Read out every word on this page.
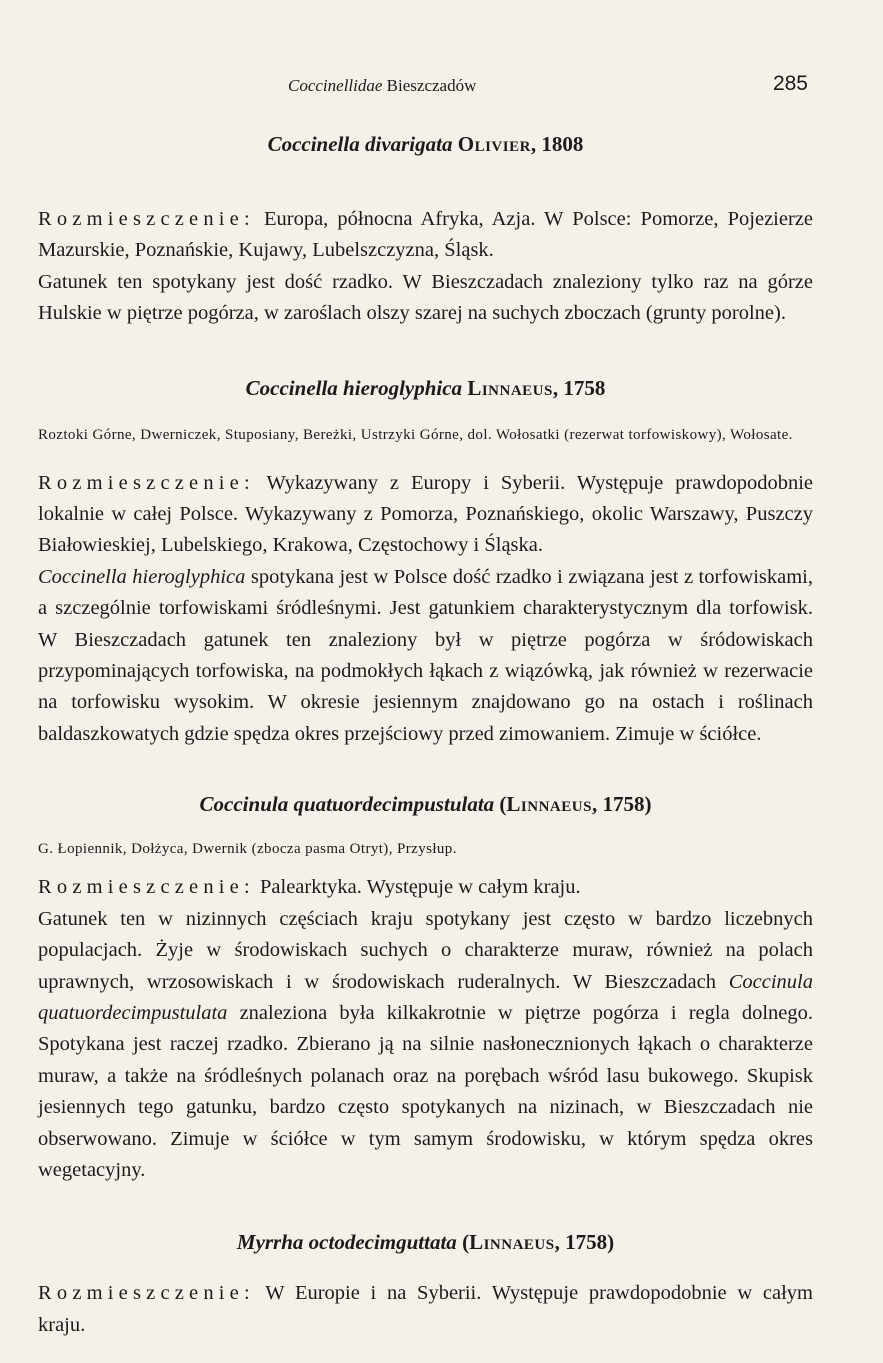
Coccinellidae Bieszczadów	285
Coccinella divarigata Olivier, 1808

Rozmieszczenie: Europa, północna Afryka, Azja. W Polsce: Pomorze, Pojezierze Mazurskie, Poznańskie, Kujawy, Lubelszczyzna, Śląsk.

Gatunek ten spotykany jest dość rzadko. W Bieszczadach znaleziony tylko raz na górze Hulskie w piętrze pogórza, w zaroślach olszy szarej na suchych zboczach (grunty porolne).

Coccinella hieroglyphica Linnaeus, 1758

Roztoki Górne, Dwerniczek, Stuposiany, Bereżki, Ustrzyki Górne, dol. Wołosatki (rezerwat torfowiskowy), Wołosate.

Rozmieszczenie: Wykazywany z Europy i Syberii. Występuje prawdopodobnie lokalnie w całej Polsce. Wykazywany z Pomorza, Poznańskiego, okolic Warszawy, Puszczy Białowieskiej, Lubelskiego, Krakowa, Częstochowy i Śląska.

Coccinella hieroglyphica spotykana jest w Polsce dość rzadko i związana jest z torfowiskami, a szczególnie torfowiskami śródleśnymi. Jest gatunkiem charakterystycznym dla torfowisk. W Bieszczadach gatunek ten znaleziony był w piętrze pogórza w śródowiskach przypominających torfowiska, na podmokłych łąkach z wiązówką, jak również w rezerwacie na torfowisku wysokim. W okresie jesiennym znajdowano go na ostach i roślinach baldaszkowatych gdzie spędza okres przejściowy przed zimowaniem. Zimuje w ściółce.

Coccinula quatuordecimpustulata (Linnaeus, 1758)

G. Łopiennik, Dołżyca, Dwernik (zbocza pasma Otryt), Przysłup.

Rozmieszczenie: Palearktyka. Występuje w całym kraju.

Gatunek ten w nizinnych częściach kraju spotykany jest często w bardzo liczebnych populacjach. Żyje w środowiskach suchych o charakterze muraw, również na polach uprawnych, wrzosowiskach i w środowiskach ruderalnych. W Bieszczadach Coccinula quatuordecimpustulata znaleziona była kilkakrotnie w piętrze pogórza i regla dolnego. Spotykana jest raczej rzadko. Zbierano ją na silnie nasłonecznionych łąkach o charakterze muraw, a także na śródleśnych polanach oraz na porębach wśród lasu bukowego. Skupisk jesiennych tego gatunku, bardzo często spotykanych na nizinach, w Bieszczadach nie obserwowano. Zimuje w ściółce w tym samym środowisku, w którym spędza okres wegetacyjny.

Myrrha octodecimguttata (Linnaeus, 1758)

Rozmieszczenie: W Europie i na Syberii. Występuje prawdopodobnie w całym kraju.
